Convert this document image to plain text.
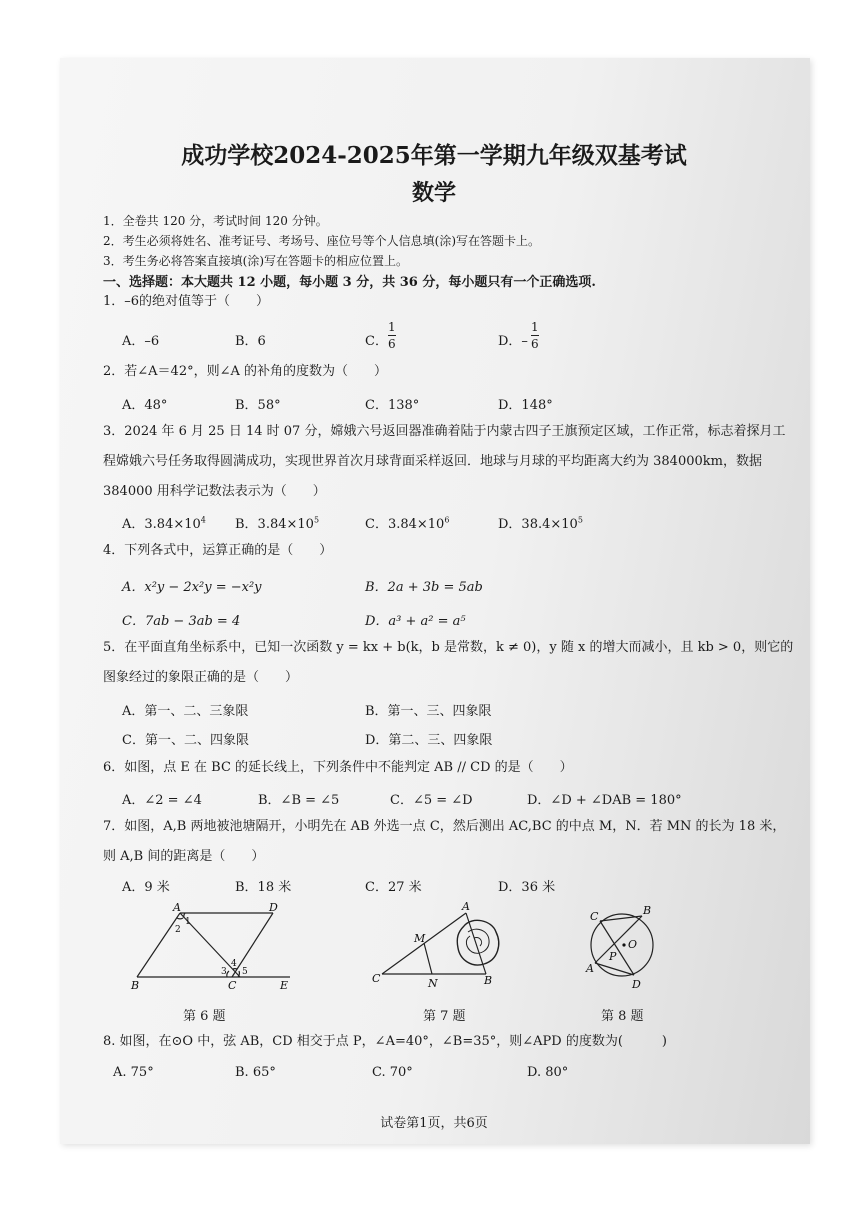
成功学校2024-2025年第一学期九年级双基考试
数学
1．全卷共 120 分，考试时间 120 分钟。
2．考生必须将姓名、准考证号、考场号、座位号等个人信息填(涂)写在答题卡上。
3．考生务必将答案直接填(涂)写在答题卡的相应位置上。
一、选择题：本大题共 12 小题，每小题 3 分，共 36 分，每小题只有一个正确选项.
1．–6的绝对值等于（　　）
A．–6	B．6	C．
1
6	D．–
1
6
2．若∠A＝42°，则∠A 的补角的度数为（　　）
A．48°	B．58°	C．138°	D．148°
3．2024 年 6 月 25 日 14 时 07 分，嫦娥六号返回器准确着陆于内蒙古四子王旗预定区域，工作正常，标志着探月工
程嫦娥六号任务取得圆满成功，实现世界首次月球背面采样返回．地球与月球的平均距离大约为 384000km，数据
384000 用科学记数法表示为（　　）
A．$3.84\times 10^4$ B．$3.84\times 10^5$	C．$3.84\times 10^6$	D．$38.4\times 10^5$
4．下列各式中，运算正确的是（　　）
A．x²y − 2x²y = −x²y	B．2a + 3b = 5ab
C．7ab − 3ab = 4	D．a³ + a² = a⁵
5．在平面直角坐标系中，已知一次函数 y = kx + b(k，b 是常数，k ≠ 0)，y 随 x 的增大而减小，且 kb > 0，则它的
图象经过的象限正确的是（　　）
A．第一、二、三象限	B．第一、三、四象限
C．第一、二、四象限	D．第二、三、四象限
6．如图，点 E 在 BC 的延长线上，下列条件中不能判定 AB // CD 的是（　　）
A．∠2 = ∠4	B．∠B = ∠5	C．∠5 = ∠D	D．∠D + ∠DAB = 180°
7．如图，A,B 两地被池塘隔开，小明先在 AB 外选一点 C，然后测出 AC,BC 的中点 M，N．若 MN 的长为 18 米，
则 A,B 间的距离是（　　）
A．9 米	B．18 米	C．27 米	D．36 米
A	D
B	C	E
1
2
3
4
5
第 6 题
A
M
C	N	B
第 7 题
C	B
O
P
A
D
第 8 题
8. 如图，在⊙O 中，弦 AB，CD 相交于点 P，∠A=40°，∠B=35°，则∠APD 的度数为(　　　)
A. 75°	B. 65°	C. 70°	D. 80°
试卷第1页，共6页
